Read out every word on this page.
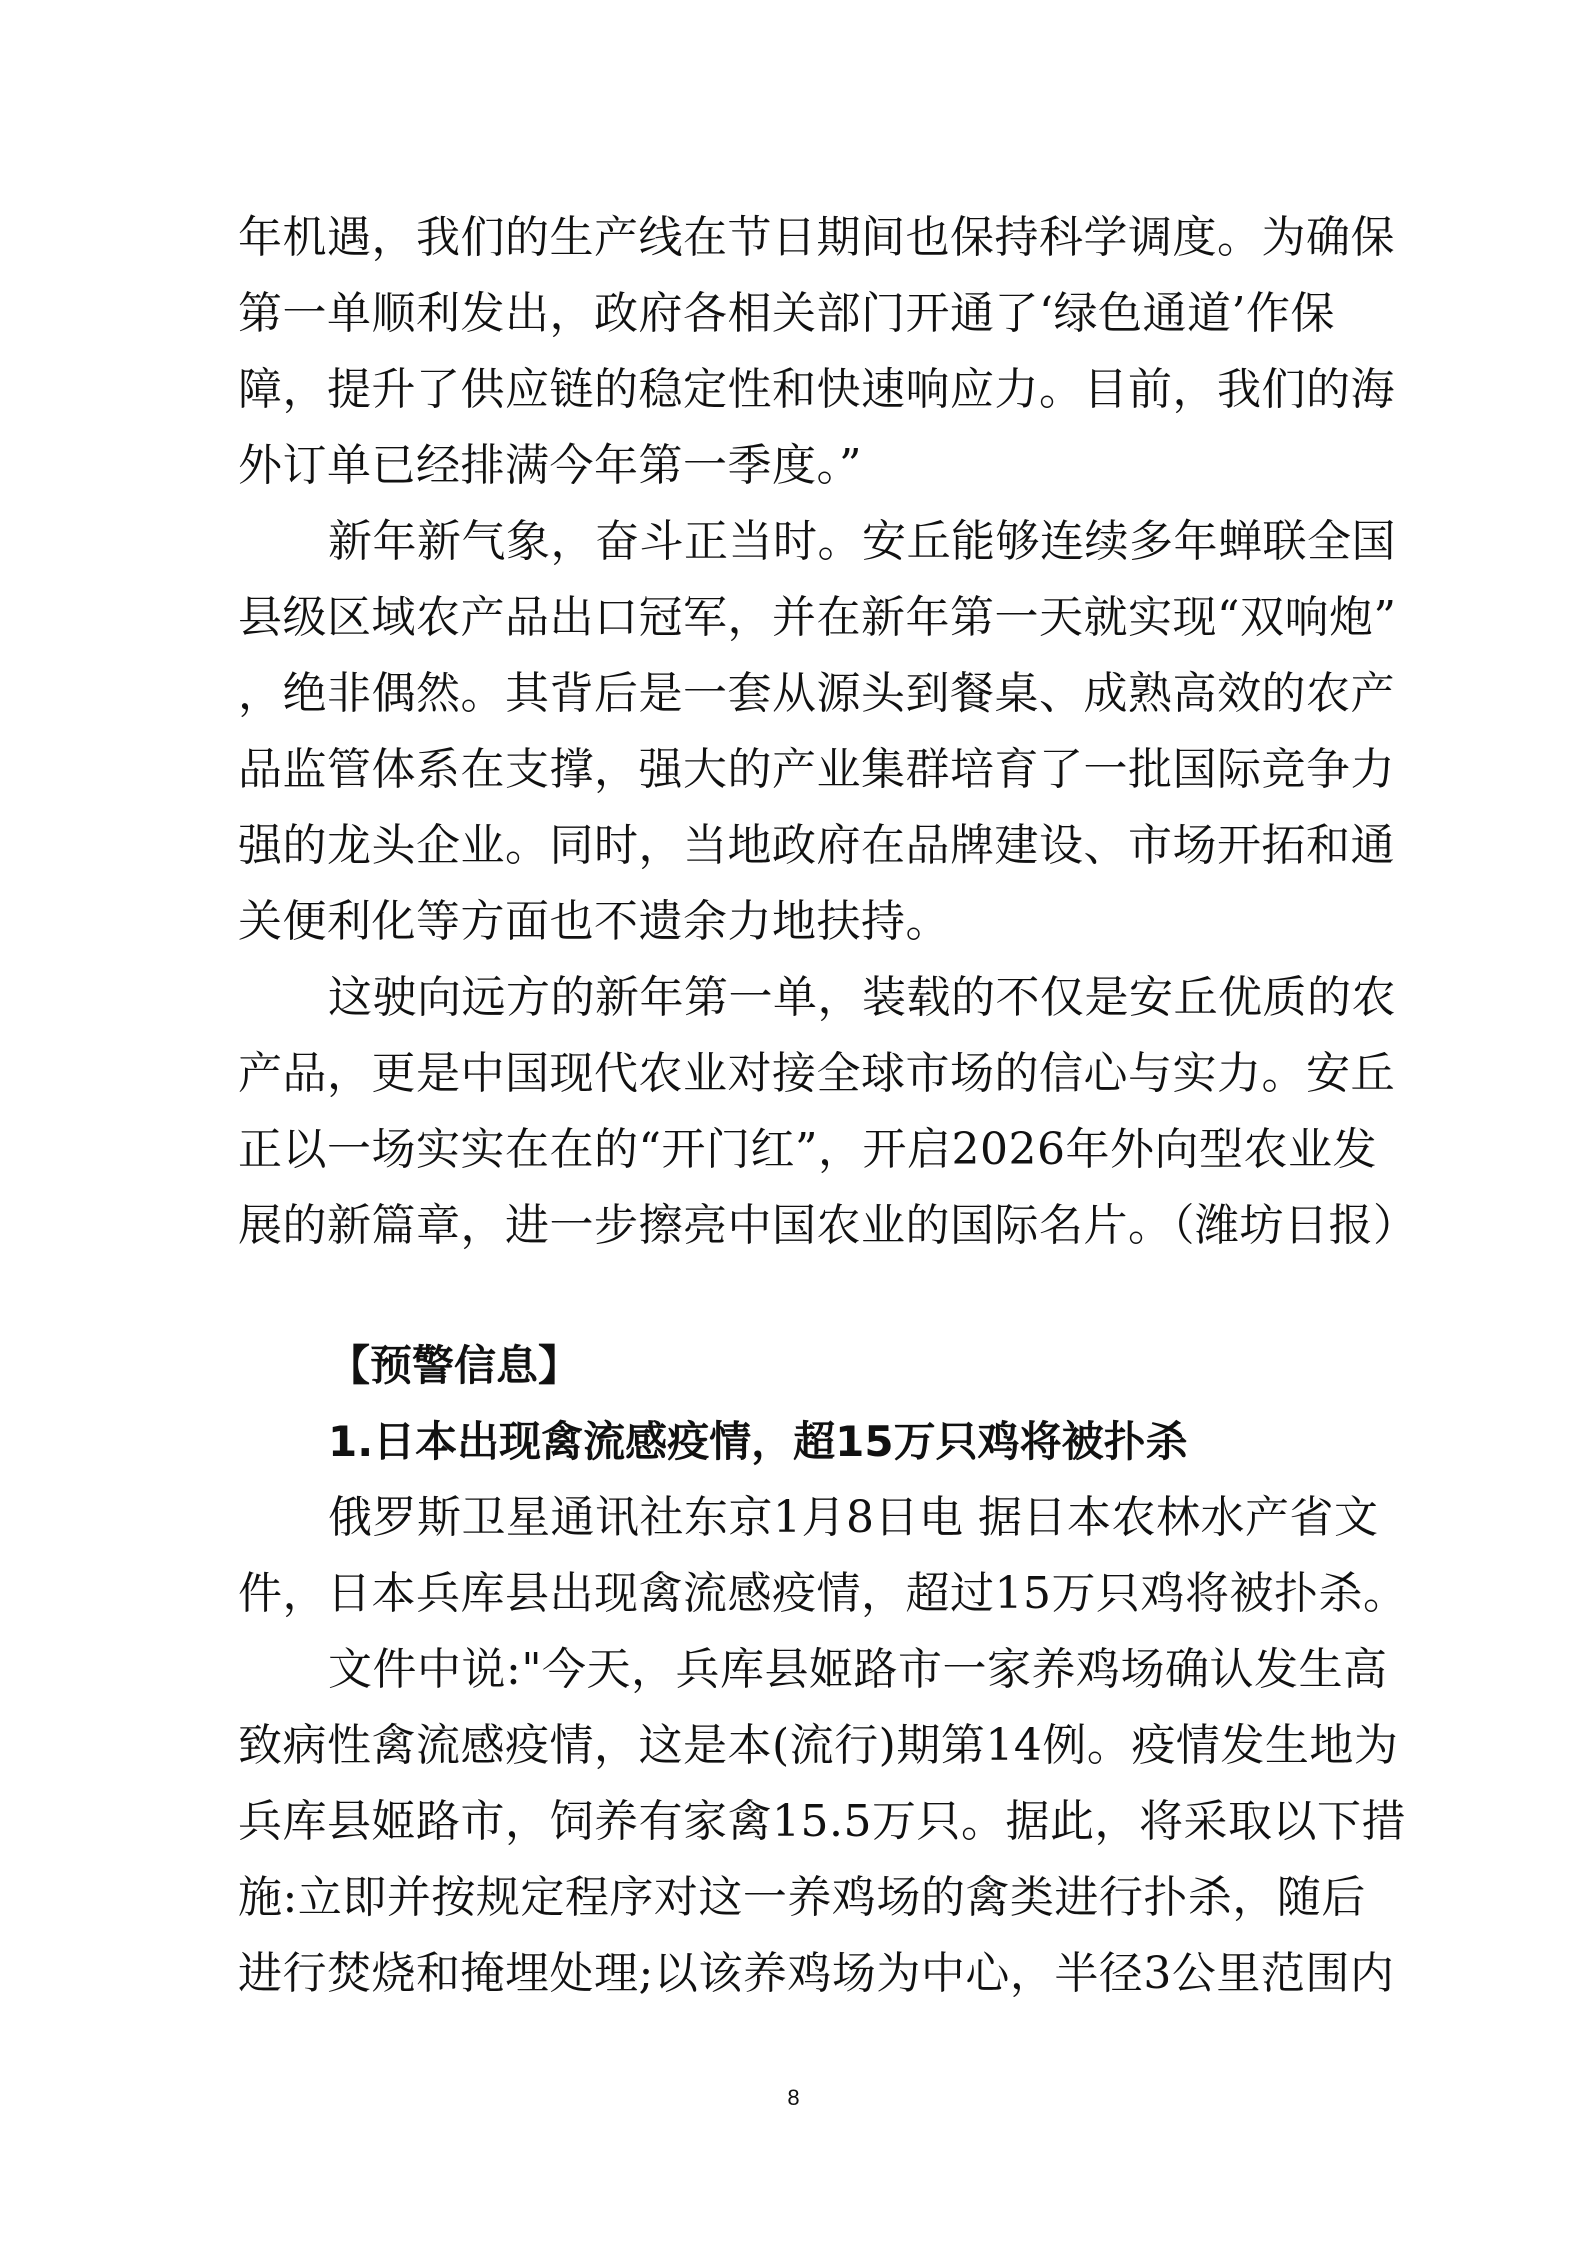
年机遇，我们的生产线在节日期间也保持科学调度。为确保
第一单顺利发出，政府各相关部门开通了‘绿色通道’作保
障，提升了供应链的稳定性和快速响应力。目前，我们的海
外订单已经排满今年第一季度。”
新年新气象，奋斗正当时。安丘能够连续多年蝉联全国
县级区域农产品出口冠军，并在新年第一天就实现“双响炮”
，绝非偶然。其背后是一套从源头到餐桌、成熟高效的农产
品监管体系在支撑，强大的产业集群培育了一批国际竞争力
强的龙头企业。同时，当地政府在品牌建设、市场开拓和通
关便利化等方面也不遗余力地扶持。
这驶向远方的新年第一单，装载的不仅是安丘优质的农
产品，更是中国现代农业对接全球市场的信心与实力。安丘
正以一场实实在在的“开门红”，开启2026年外向型农业发
展的新篇章，进一步擦亮中国农业的国际名片。（潍坊日报）
【预警信息】
1.日本出现禽流感疫情，超15万只鸡将被扑杀
俄罗斯卫星通讯社东京1月8日电 据日本农林水产省文
件，日本兵库县出现禽流感疫情，超过15万只鸡将被扑杀。
文件中说:"今天，兵库县姬路市一家养鸡场确认发生高
致病性禽流感疫情，这是本(流行)期第14例。疫情发生地为
兵库县姬路市，饲养有家禽15.5万只。据此，将采取以下措
施:立即并按规定程序对这一养鸡场的禽类进行扑杀，随后
进行焚烧和掩埋处理;以该养鸡场为中心，半径3公里范围内
8
